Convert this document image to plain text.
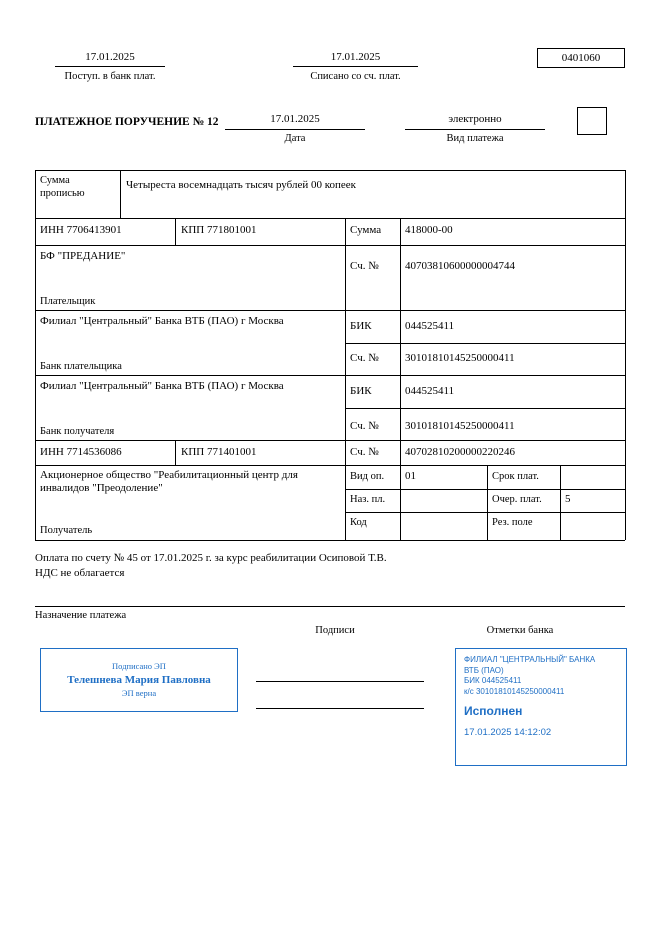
17.01.2025
Поступ. в банк плат.
17.01.2025
Списано со сч. плат.
0401060
ПЛАТЕЖНОЕ ПОРУЧЕНИЕ № 12	17.01.2025
Дата
электронно
Вид платежа
Сумма прописью
Четыреста восемнадцать тысяч рублей 00 копеек
ИНН 7706413901	КПП 771801001	Сумма 418000-00
БФ "ПРЕДАНИЕ"
Плательщик
Сч. № 40703810600000004744
Филиал "Центральный" Банка ВТБ (ПАО) г Москва
Банк плательщика
БИК	044525411
Сч. № 30101810145250000411
Филиал "Центральный" Банка ВТБ (ПАО) г Москва
Банк получателя
БИК	044525411
Сч. № 30101810145250000411
ИНН 7714536086	КПП 771401001	Сч. № 40702810200000220246
Акционерное общество "Реабилитационный центр для инвалидов "Преодоление"
Получатель
Вид оп. 01	Срок плат.
Наз. пл.	Очер. плат. 5
Код	Рез. поле
Оплата по счету № 45 от 17.01.2025 г. за курс реабилитации Осиповой Т.В.
НДС не облагается
Назначение платежа
Подписи	Отметки банка
Подписано ЭП
Телешнева Мария Павловна
ЭП верна
ФИЛИАЛ "ЦЕНТРАЛЬНЫЙ" БАНКА
ВТБ (ПАО)
БИК 044525411
к/с 30101810145250000411
Исполнен
17.01.2025 14:12:02
